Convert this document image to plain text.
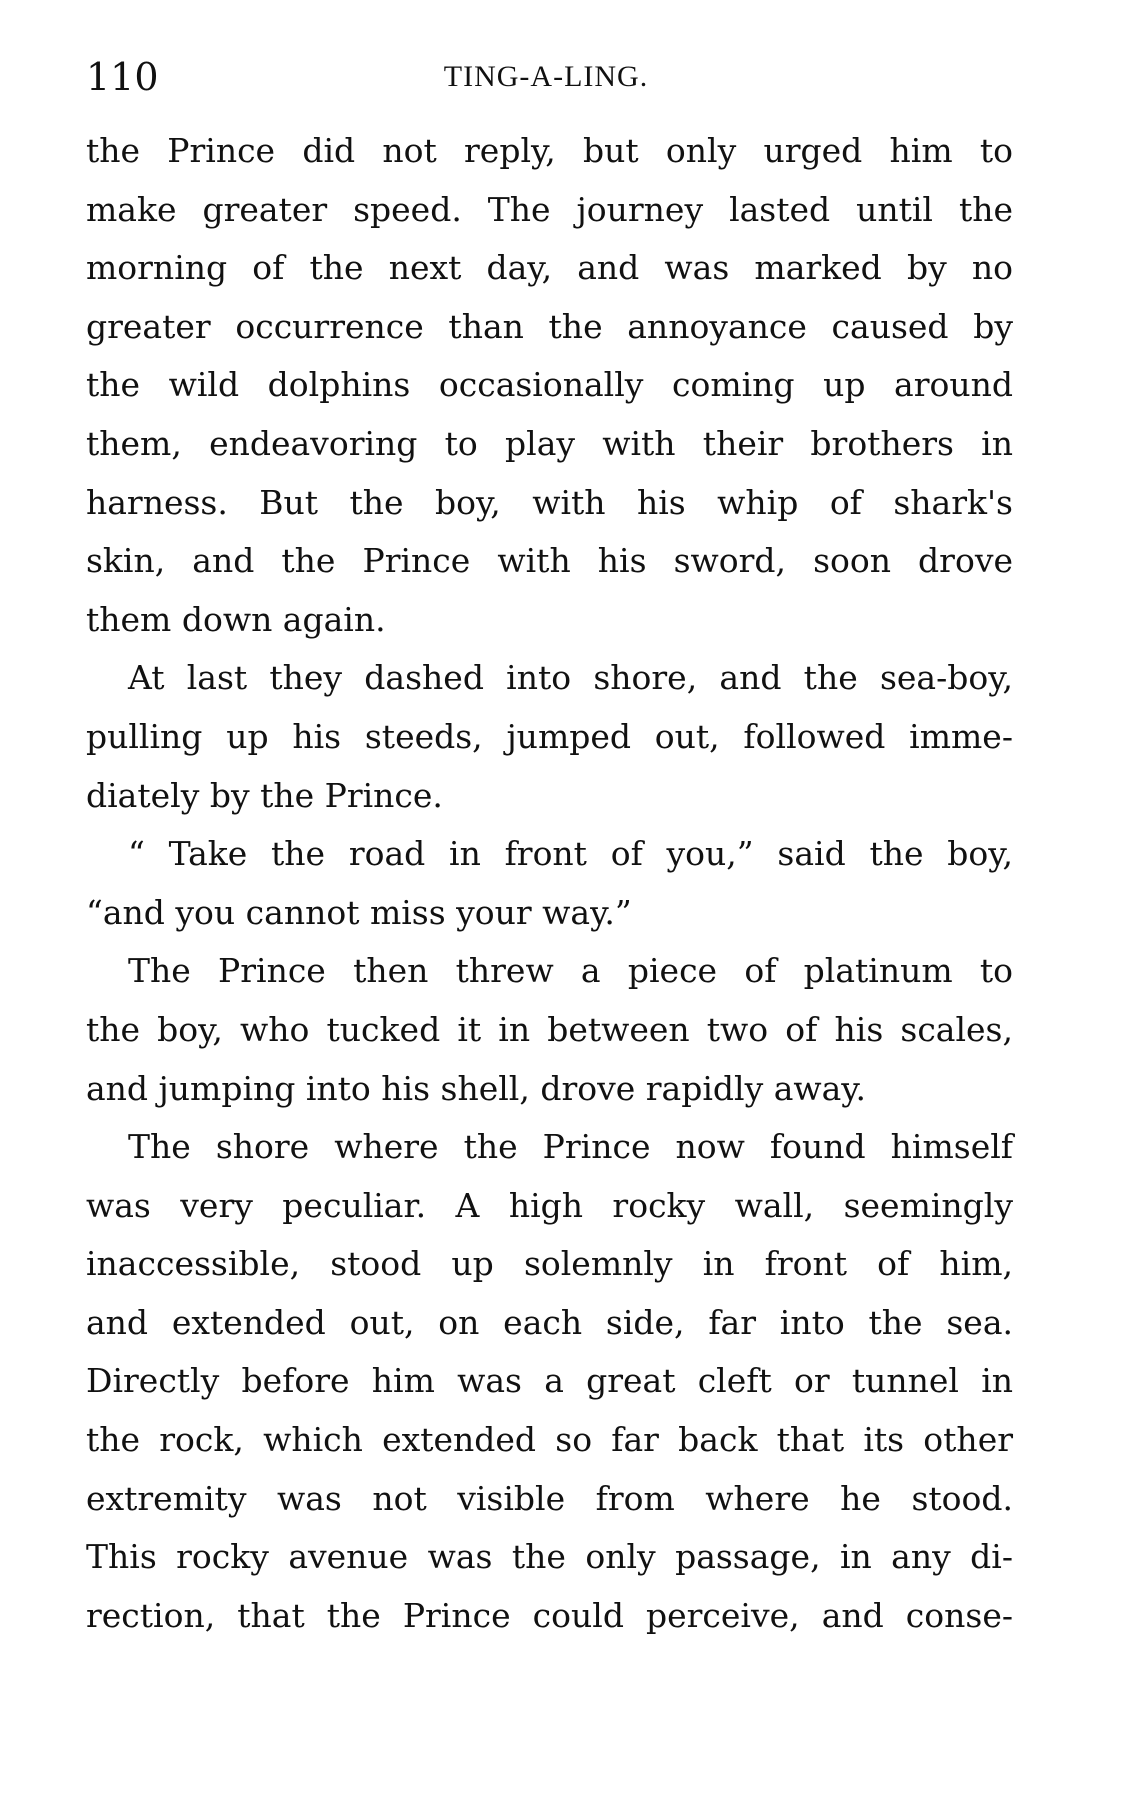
110	TING-A-LING.
the Prince did not reply, but only urged him to
make greater speed. The journey lasted until the
morning of the next day, and was marked by no
greater occurrence than the annoyance caused by
the wild dolphins occasionally coming up around
them, endeavoring to play with their brothers in
harness. But the boy, with his whip of shark's
skin, and the Prince with his sword, soon drove
them down again.
At last they dashed into shore, and the sea-boy,
pulling up his steeds, jumped out, followed imme-
diately by the Prince.
“ Take the road in front of you,” said the boy,
“and you cannot miss your way.”
The Prince then threw a piece of platinum to
the boy, who tucked it in between two of his scales,
and jumping into his shell, drove rapidly away.
The shore where the Prince now found himself
was very peculiar. A high rocky wall, seemingly
inaccessible, stood up solemnly in front of him,
and extended out, on each side, far into the sea.
Directly before him was a great cleft or tunnel in
the rock, which extended so far back that its other
extremity was not visible from where he stood.
This rocky avenue was the only passage, in any di-
rection, that the Prince could perceive, and conse-
